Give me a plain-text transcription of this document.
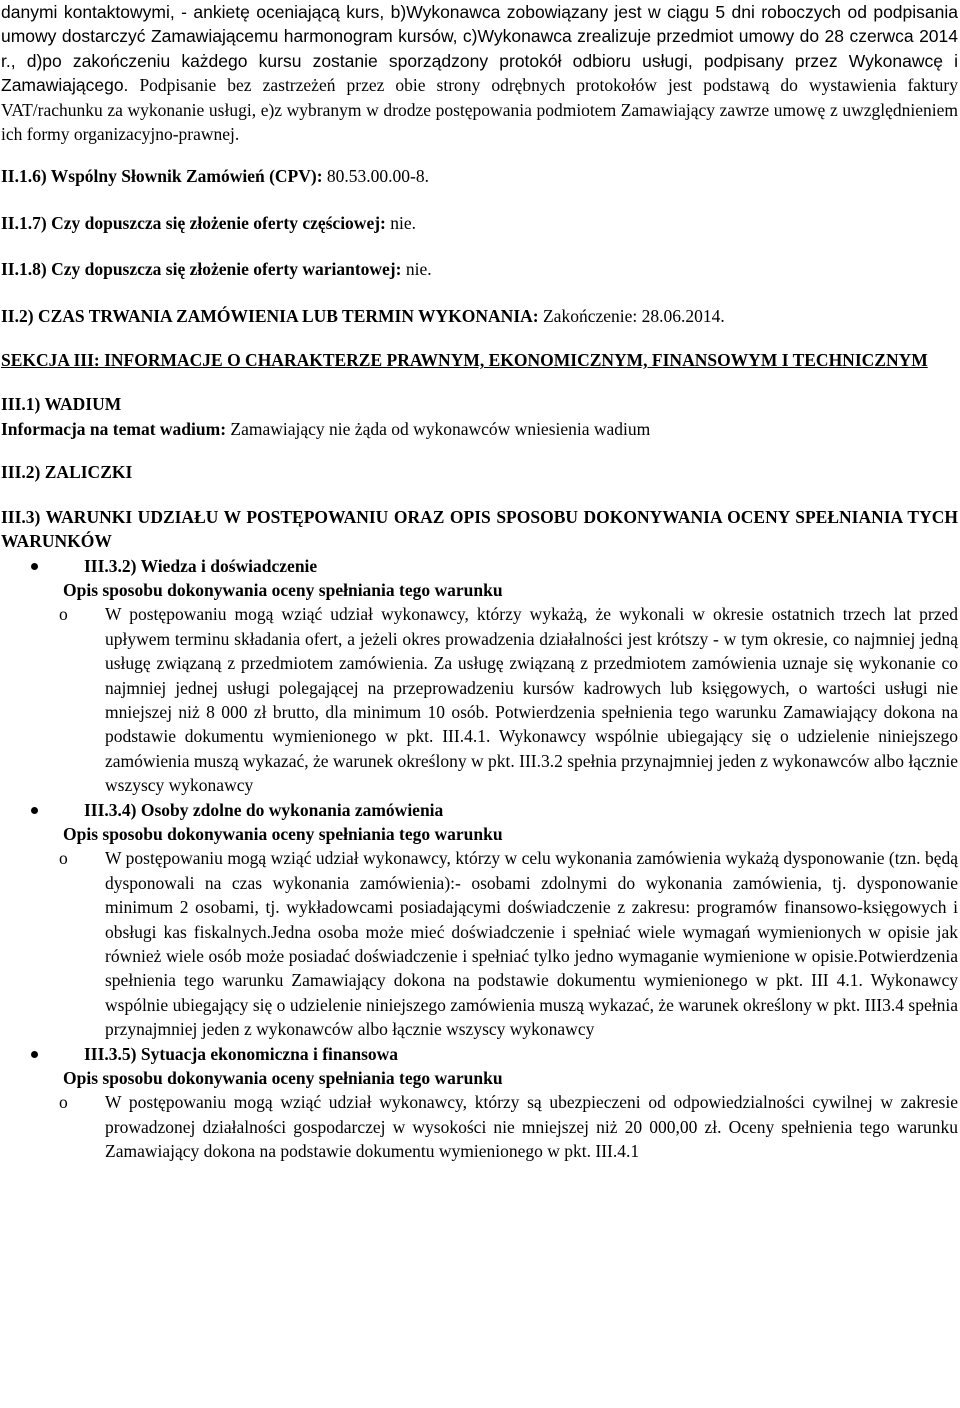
danymi kontaktowymi, - ankietę oceniającą kurs, b)Wykonawca zobowiązany jest w ciągu 5 dni roboczych od podpisania umowy dostarczyć Zamawiającemu harmonogram kursów, c)Wykonawca zrealizuje przedmiot umowy do 28 czerwca 2014 r., d)po zakończeniu każdego kursu zostanie sporządzony protokół odbioru usługi, podpisany przez Wykonawcę i Zamawiającego. Podpisanie bez zastrzeżeń przez obie strony odrębnych protokołów jest podstawą do wystawienia faktury VAT/rachunku za wykonanie usługi, e)z wybranym w drodze postępowania podmiotem Zamawiający zawrze umowę z uwzględnieniem ich formy organizacyjno-prawnej.

II.1.6) Wspólny Słownik Zamówień (CPV): 80.53.00.00-8.

II.1.7) Czy dopuszcza się złożenie oferty częściowej: nie.

II.1.8) Czy dopuszcza się złożenie oferty wariantowej: nie.

II.2) CZAS TRWANIA ZAMÓWIENIA LUB TERMIN WYKONANIA: Zakończenie: 28.06.2014.

SEKCJA III: INFORMACJE O CHARAKTERZE PRAWNYM, EKONOMICZNYM, FINANSOWYM I TECHNICZNYM

III.1) WADIUM

Informacja na temat wadium: Zamawiający nie żąda od wykonawców wniesienia wadium

III.2) ZALICZKI

III.3) WARUNKI UDZIAŁU W POSTĘPOWANIU ORAZ OPIS SPOSOBU DOKONYWANIA OCENY SPEŁNIANIA TYCH WARUNKÓW

III.3.2) Wiedza i doświadczenie
Opis sposobu dokonywania oceny spełniania tego warunku
o W postępowaniu mogą wziąć udział wykonawcy, którzy wykażą, że wykonali w okresie ostatnich trzech lat przed upływem terminu składania ofert, a jeżeli okres prowadzenia działalności jest krótszy - w tym okresie, co najmniej jedną usługę związaną z przedmiotem zamówienia. Za usługę związaną z przedmiotem zamówienia uznaje się wykonanie co najmniej jednej usługi polegającej na przeprowadzeniu kursów kadrowych lub księgowych, o wartości usługi nie mniejszej niż 8 000 zł brutto, dla minimum 10 osób. Potwierdzenia spełnienia tego warunku Zamawiający dokona na podstawie dokumentu wymienionego w pkt. III.4.1. Wykonawcy wspólnie ubiegający się o udzielenie niniejszego zamówienia muszą wykazać, że warunek określony w pkt. III.3.2 spełnia przynajmniej jeden z wykonawców albo łącznie wszyscy wykonawcy
III.3.4) Osoby zdolne do wykonania zamówienia
Opis sposobu dokonywania oceny spełniania tego warunku
o W postępowaniu mogą wziąć udział wykonawcy, którzy w celu wykonania zamówienia wykażą dysponowanie (tzn. będą dysponowali na czas wykonania zamówienia):- osobami zdolnymi do wykonania zamówienia, tj. dysponowanie minimum 2 osobami, tj. wykładowcami posiadającymi doświadczenie z zakresu: programów finansowo-księgowych i obsługi kas fiskalnych.Jedna osoba może mieć doświadczenie i spełniać wiele wymagań wymienionych w opisie jak również wiele osób może posiadać doświadczenie i spełniać tylko jedno wymaganie wymienione w opisie.Potwierdzenia spełnienia tego warunku Zamawiający dokona na podstawie dokumentu wymienionego w pkt. III 4.1. Wykonawcy wspólnie ubiegający się o udzielenie niniejszego zamówienia muszą wykazać, że warunek określony w pkt. III3.4 spełnia przynajmniej jeden z wykonawców albo łącznie wszyscy wykonawcy
III.3.5) Sytuacja ekonomiczna i finansowa
Opis sposobu dokonywania oceny spełniania tego warunku
o W postępowaniu mogą wziąć udział wykonawcy, którzy są ubezpieczeni od odpowiedzialności cywilnej w zakresie prowadzonej działalności gospodarczej w wysokości nie mniejszej niż 20 000,00 zł. Oceny spełnienia tego warunku Zamawiający dokona na podstawie dokumentu wymienionego w pkt. III.4.1
